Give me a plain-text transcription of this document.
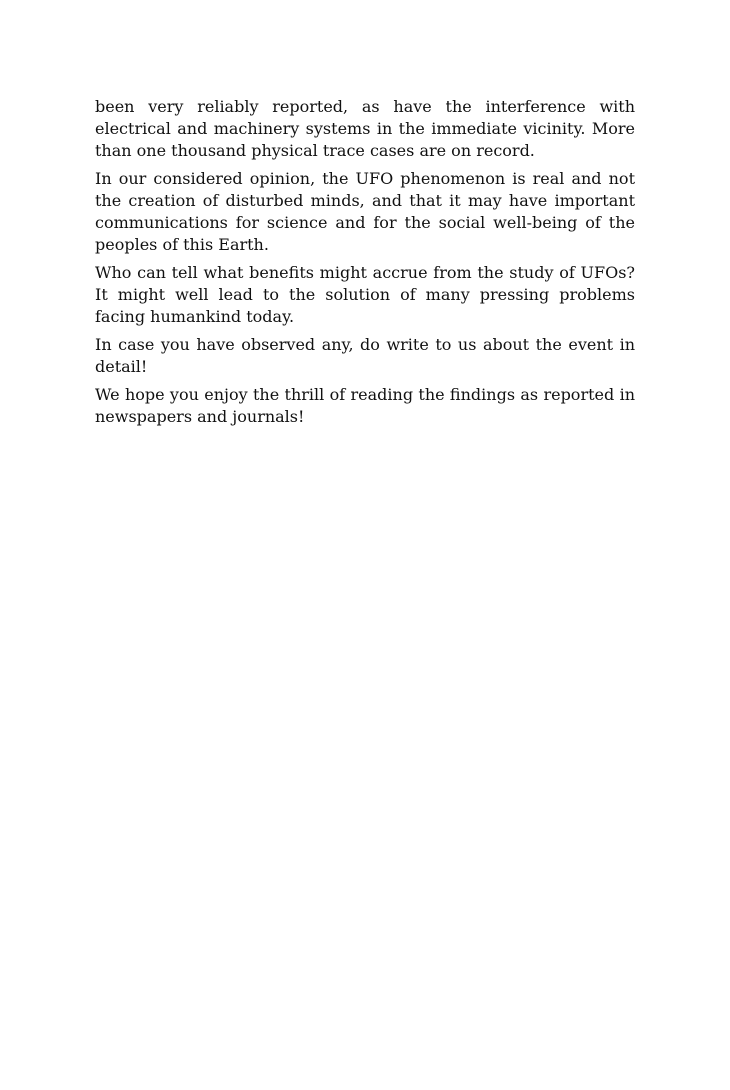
been very reliably reported, as have the interference with electrical and machinery systems in the immediate vicinity. More than one thousand physical trace cases are on record.

In our considered opinion, the UFO phenomenon is real and not the creation of disturbed minds, and that it may have important communications for science and for the social well-being of the peoples of this Earth.

Who can tell what benefits might accrue from the study of UFOs? It might well lead to the solution of many pressing problems facing humankind today.

In case you have observed any, do write to us about the event in detail!

We hope you enjoy the thrill of reading the findings as reported in newspapers and journals!
